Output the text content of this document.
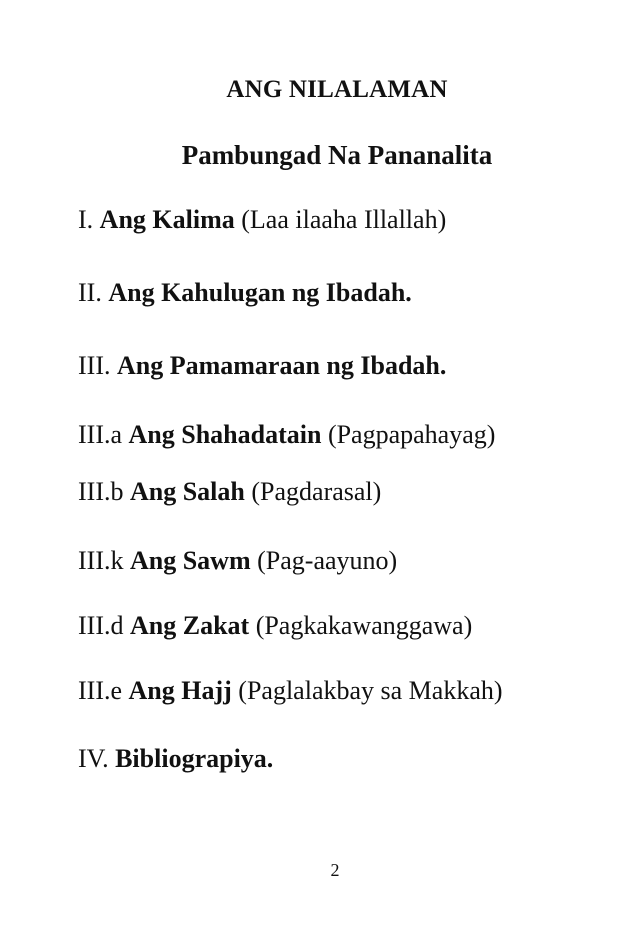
ANG NILALAMAN
Pambungad Na Pananalita
I. Ang Kalima (Laa ilaaha Illallah)
II. Ang Kahulugan ng Ibadah.
III. Ang Pamamaraan ng Ibadah.
III.a Ang Shahadatain (Pagpapahayag)
III.b Ang Salah (Pagdarasal)
III.k Ang Sawm (Pag-aayuno)
III.d Ang Zakat (Pagkakawanggawa)
III.e Ang Hajj (Paglalakbay sa Makkah)
IV. Bibliograpiya.
2
